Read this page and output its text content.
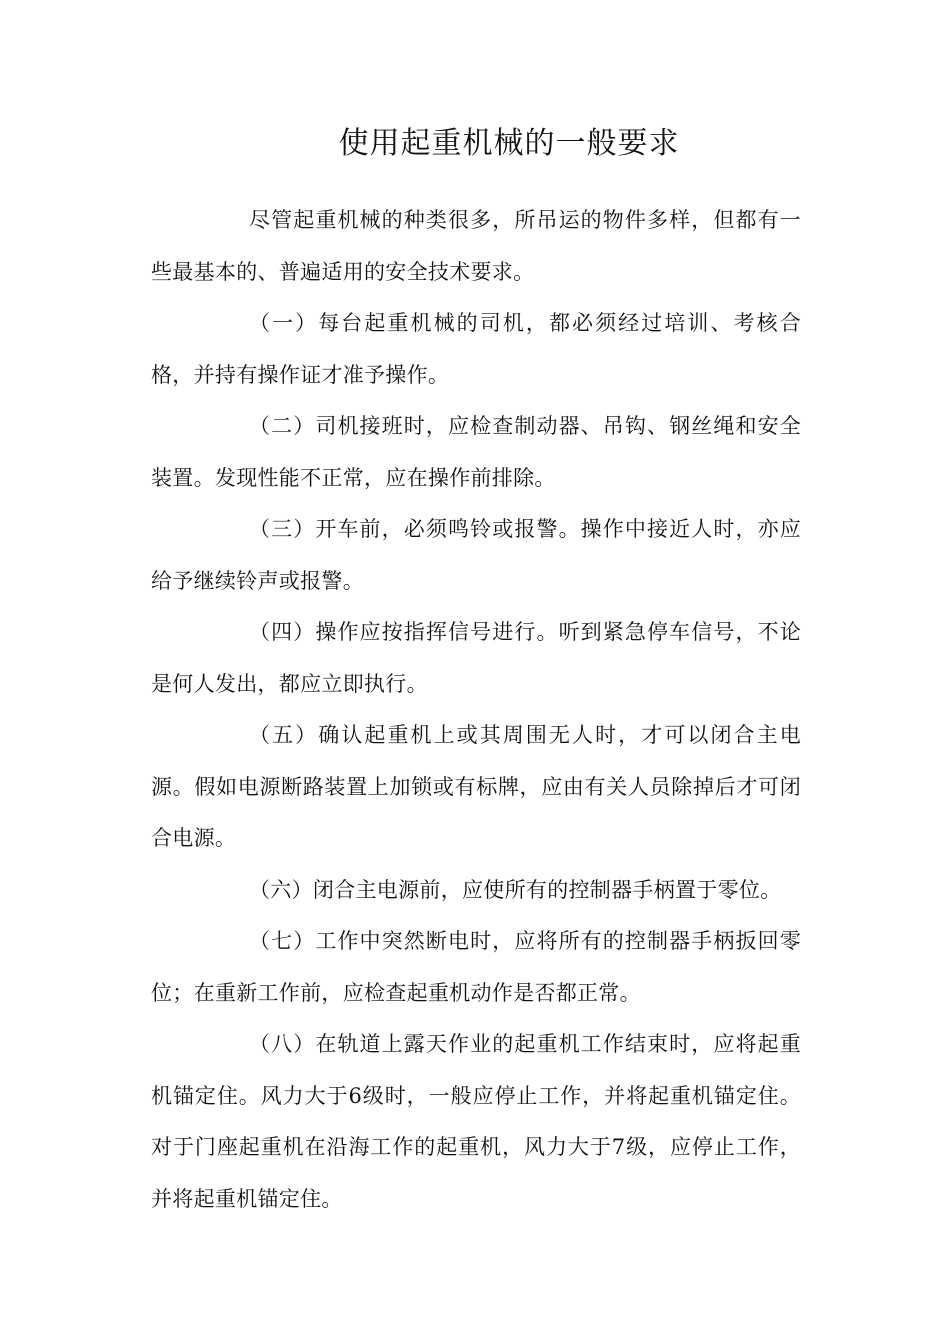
使用起重机械的一般要求

尽管起重机械的种类很多，所吊运的物件多样，但都有一些最基本的、普遍适用的安全技术要求。

（一）每台起重机械的司机，都必须经过培训、考核合格，并持有操作证才准予操作。

（二）司机接班时，应检查制动器、吊钩、钢丝绳和安全装置。发现性能不正常，应在操作前排除。

（三）开车前，必须鸣铃或报警。操作中接近人时，亦应给予继续铃声或报警。

（四）操作应按指挥信号进行。听到紧急停车信号，不论是何人发出，都应立即执行。

（五）确认起重机上或其周围无人时，才可以闭合主电源。假如电源断路装置上加锁或有标牌，应由有关人员除掉后才可闭合电源。

（六）闭合主电源前，应使所有的控制器手柄置于零位。

（七）工作中突然断电时，应将所有的控制器手柄扳回零位；在重新工作前，应检查起重机动作是否都正常。

（八）在轨道上露天作业的起重机工作结束时，应将起重机锚定住。风力大于6级时，一般应停止工作，并将起重机锚定住。对于门座起重机在沿海工作的起重机，风力大于7级，应停止工作，并将起重机锚定住。
